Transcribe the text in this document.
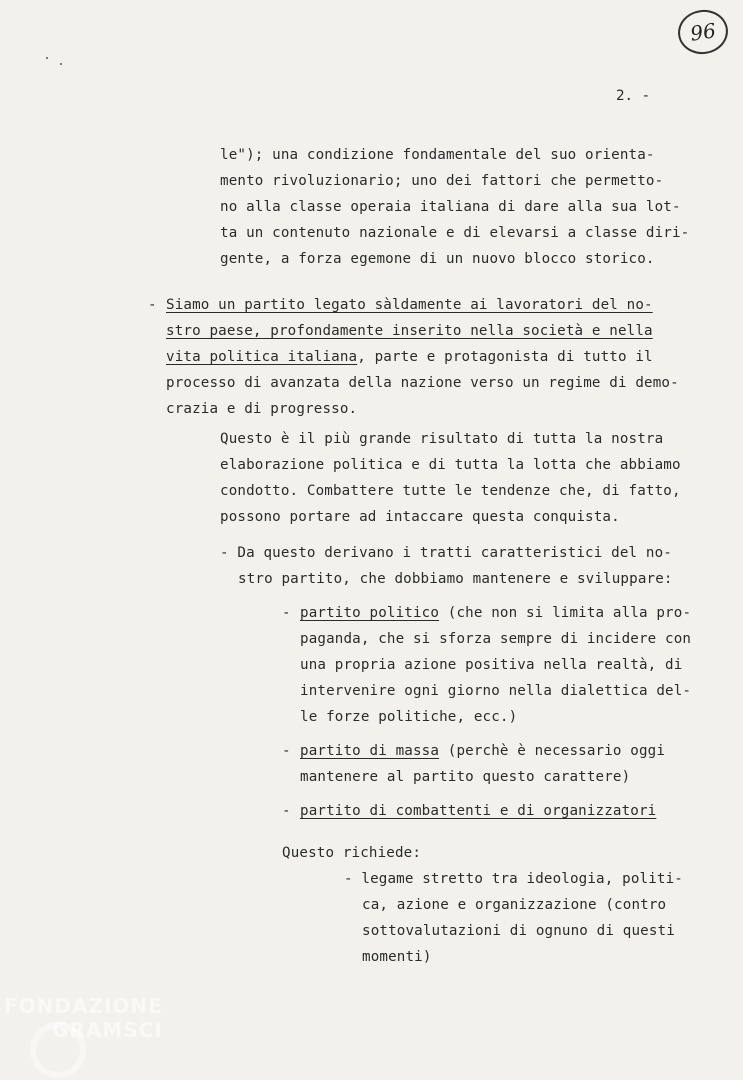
96
2. -
le"); una condizione fondamentale del suo orienta-
mento rivoluzionario; uno dei fattori che permetto-
no alla classe operaia italiana di dare alla sua lot-
ta un contenuto nazionale e di elevarsi a classe diri-
gente, a forza egemone di un nuovo blocco storico.
- Siamo un partito legato sàldamente ai lavoratori del no-
stro paese, profondamente inserito nella società e nella
vita politica italiana, parte e protagonista di tutto il
processo di avanzata della nazione verso un regime di demo-
crazia e di progresso.
Questo è il più grande risultato di tutta la nostra
elaborazione politica e di tutta la lotta che abbiamo
condotto. Combattere tutte le tendenze che, di fatto,
possono portare ad intaccare questa conquista.
- Da questo derivano i tratti caratteristici del no-
stro partito, che dobbiamo mantenere e sviluppare:
- partito politico (che non si limita alla pro-
paganda, che si sforza sempre di incidere con
una propria azione positiva nella realtà, di
intervenire ogni giorno nella dialettica del-
le forze politiche, ecc.)
- partito di massa (perchè è necessario oggi
mantenere al partito questo carattere)
- partito di combattenti e di organizzatori
Questo richiede:
- legame stretto tra ideologia, politi-
ca, azione e organizzazione (contro
sottovalutazioni di ognuno di questi
momenti)
FONDAZIONE
GRAMSCI
